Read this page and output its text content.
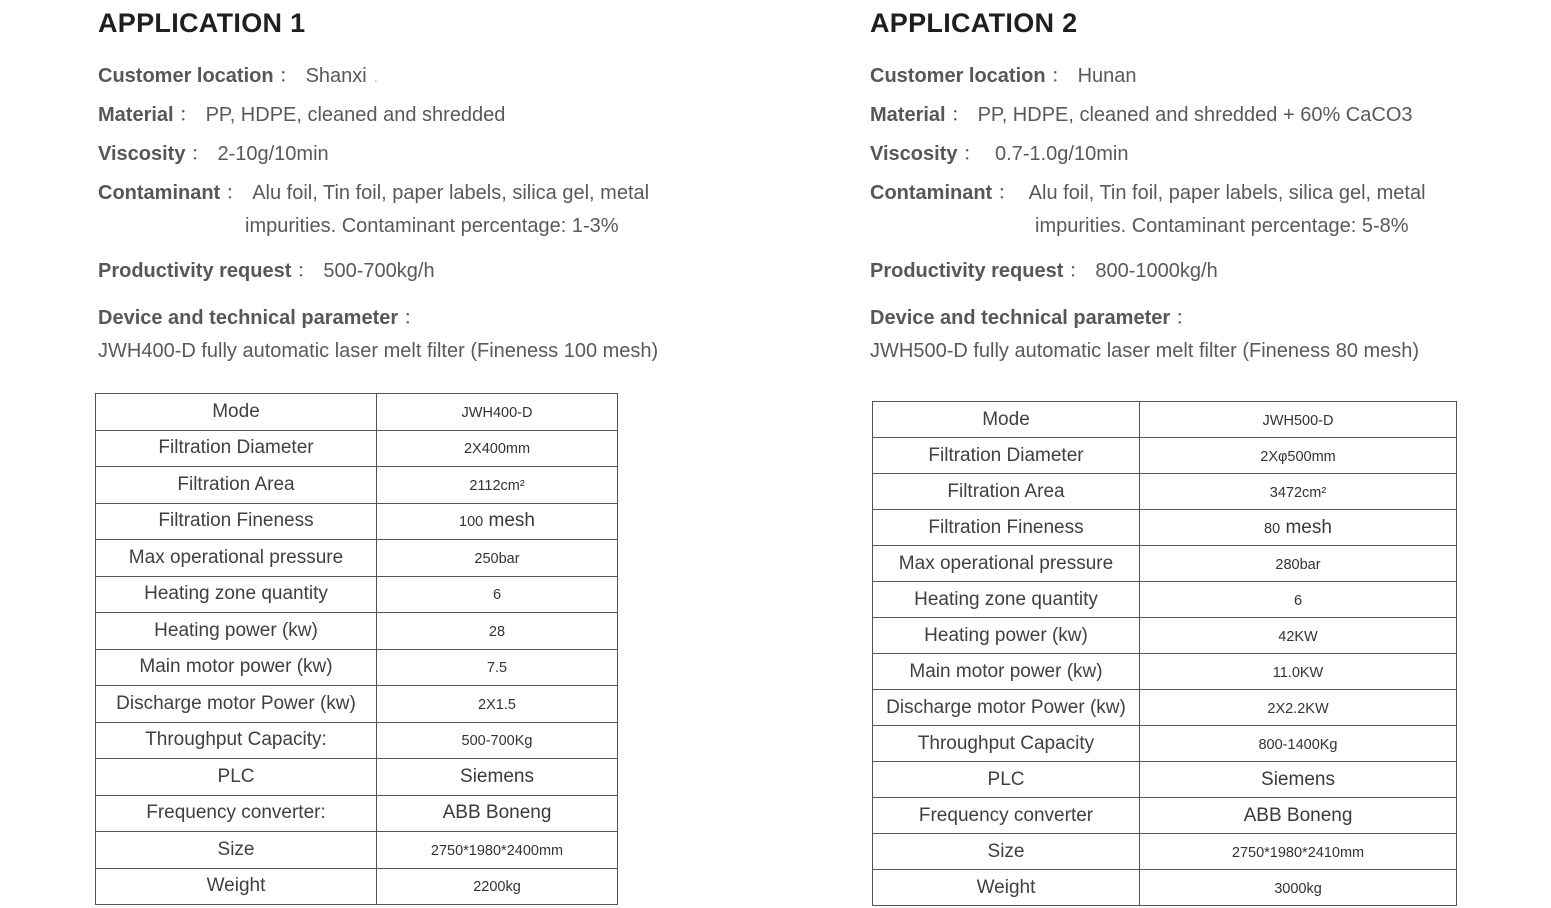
APPLICATION 1
Customer location ： Shanxi .
Material ： PP, HDPE, cleaned and shredded
Viscosity ： 2-10g/10min
Contaminant ： Alu foil, Tin foil, paper labels, silica gel, metal
impurities. Contaminant percentage: 1-3%
Productivity request ： 500-700kg/h
Device and technical parameter ：
JWH400-D fully automatic laser melt filter (Fineness 100 mesh)
Mode	JWH400-D
Filtration Diameter	2X400mm
Filtration Area	2112cm²
Filtration Fineness	100 mesh
Max operational pressure	250bar
Heating zone quantity	6
Heating power (kw)	28
Main motor power (kw)	7.5
Discharge motor Power (kw)	2X1.5
Throughput Capacity:	500-700Kg
PLC	Siemens
Frequency converter:	ABB Boneng
Size	2750*1980*2400mm
Weight	2200kg
APPLICATION 2
Customer location ： Hunan
Material ： PP, HDPE, cleaned and shredded + 60% CaCO3
Viscosity ： 0.7-1.0g/10min
Contaminant ： Alu foil, Tin foil, paper labels, silica gel, metal
impurities. Contaminant percentage: 5-8%
Productivity request ： 800-1000kg/h
Device and technical parameter ：
JWH500-D fully automatic laser melt filter (Fineness 80 mesh)
Mode	JWH500-D
Filtration Diameter	2Xφ500mm
Filtration Area	3472cm²
Filtration Fineness	80 mesh
Max operational pressure	280bar
Heating zone quantity	6
Heating power (kw)	42KW
Main motor power (kw)	11.0KW
Discharge motor Power (kw)	2X2.2KW
Throughput Capacity	800-1400Kg
PLC	Siemens
Frequency converter	ABB Boneng
Size	2750*1980*2410mm
Weight	3000kg
